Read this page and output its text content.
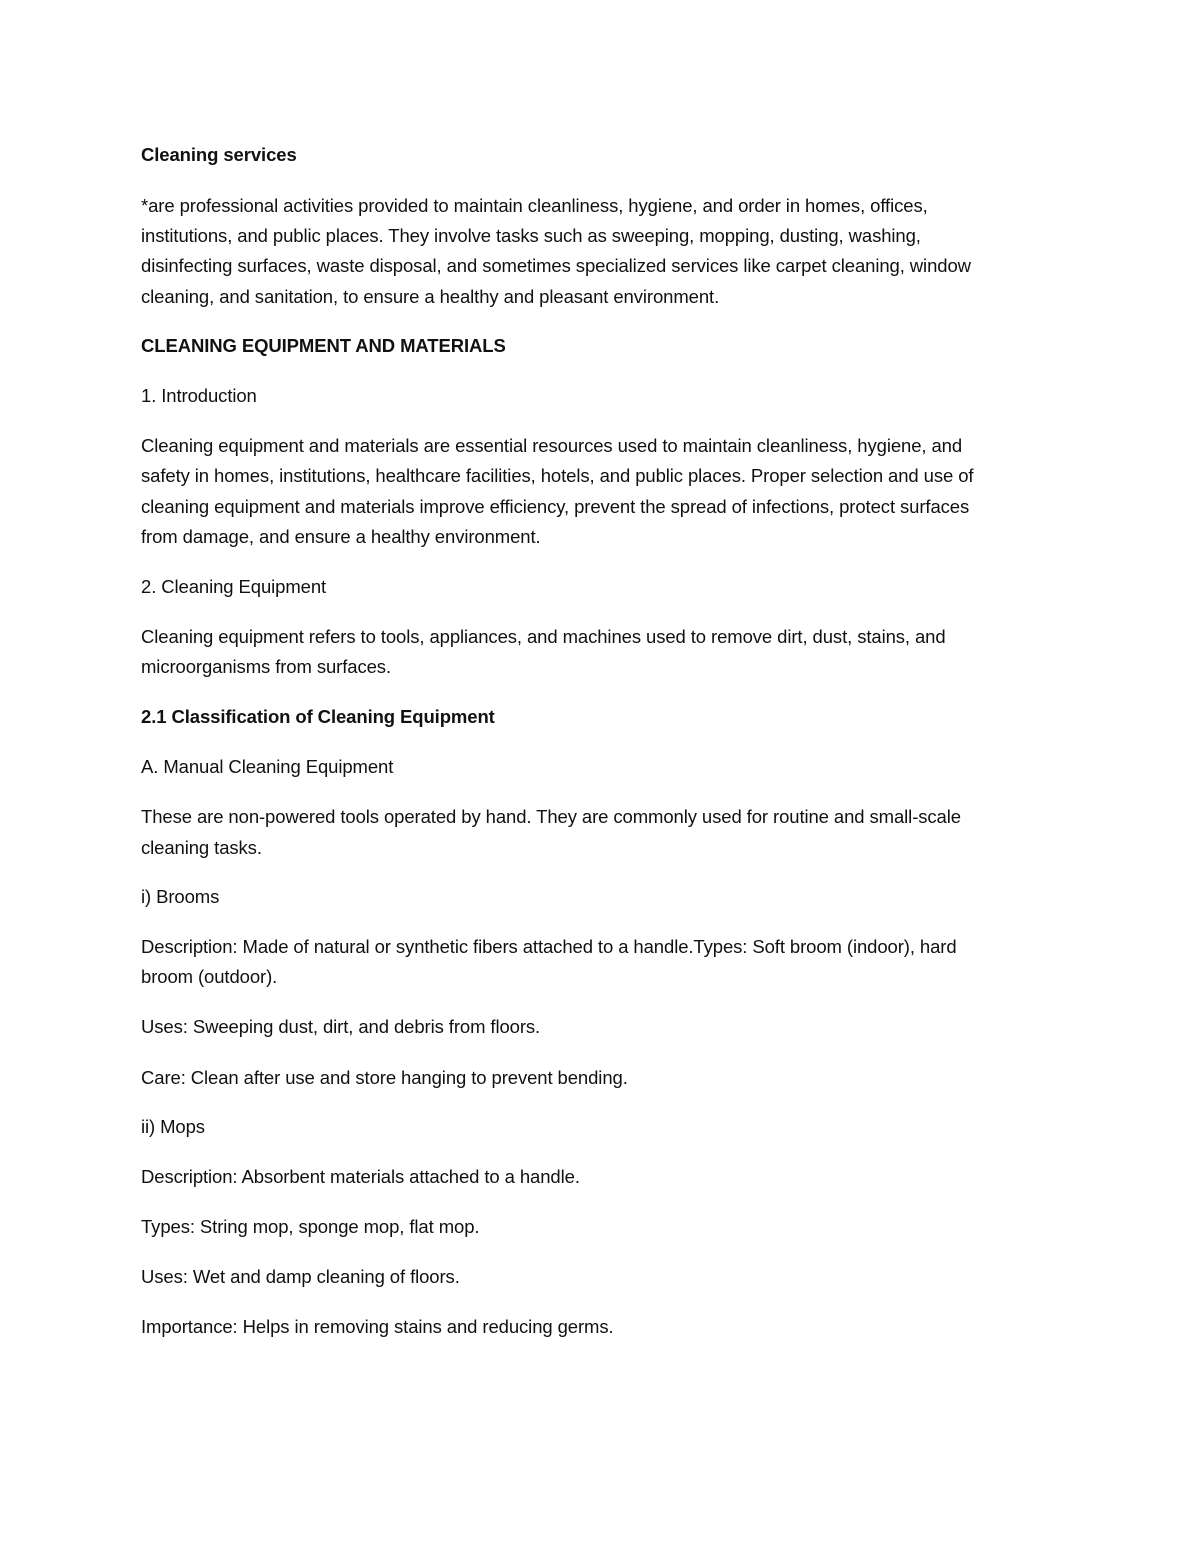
Cleaning services

*are professional activities provided to maintain cleanliness, hygiene, and order in homes, offices,

institutions, and public places. They involve tasks such as sweeping, mopping, dusting, washing,

disinfecting surfaces, waste disposal, and sometimes specialized services like carpet cleaning, window

cleaning, and sanitation, to ensure a healthy and pleasant environment.

CLEANING EQUIPMENT AND MATERIALS

1. Introduction

Cleaning equipment and materials are essential resources used to maintain cleanliness, hygiene, and

safety in homes, institutions, healthcare facilities, hotels, and public places. Proper selection and use of

cleaning equipment and materials improve efficiency, prevent the spread of infections, protect surfaces

from damage, and ensure a healthy environment.

2. Cleaning Equipment

Cleaning equipment refers to tools, appliances, and machines used to remove dirt, dust, stains, and

microorganisms from surfaces.

2.1 Classification of Cleaning Equipment

A. Manual Cleaning Equipment

These are non-powered tools operated by hand. They are commonly used for routine and small-scale

cleaning tasks.

i) Brooms

Description: Made of natural or synthetic fibers attached to a handle.Types: Soft broom (indoor), hard

broom (outdoor).

Uses: Sweeping dust, dirt, and debris from floors.

Care: Clean after use and store hanging to prevent bending.

ii) Mops

Description: Absorbent materials attached to a handle.

Types: String mop, sponge mop, flat mop.

Uses: Wet and damp cleaning of floors.

Importance: Helps in removing stains and reducing germs.
